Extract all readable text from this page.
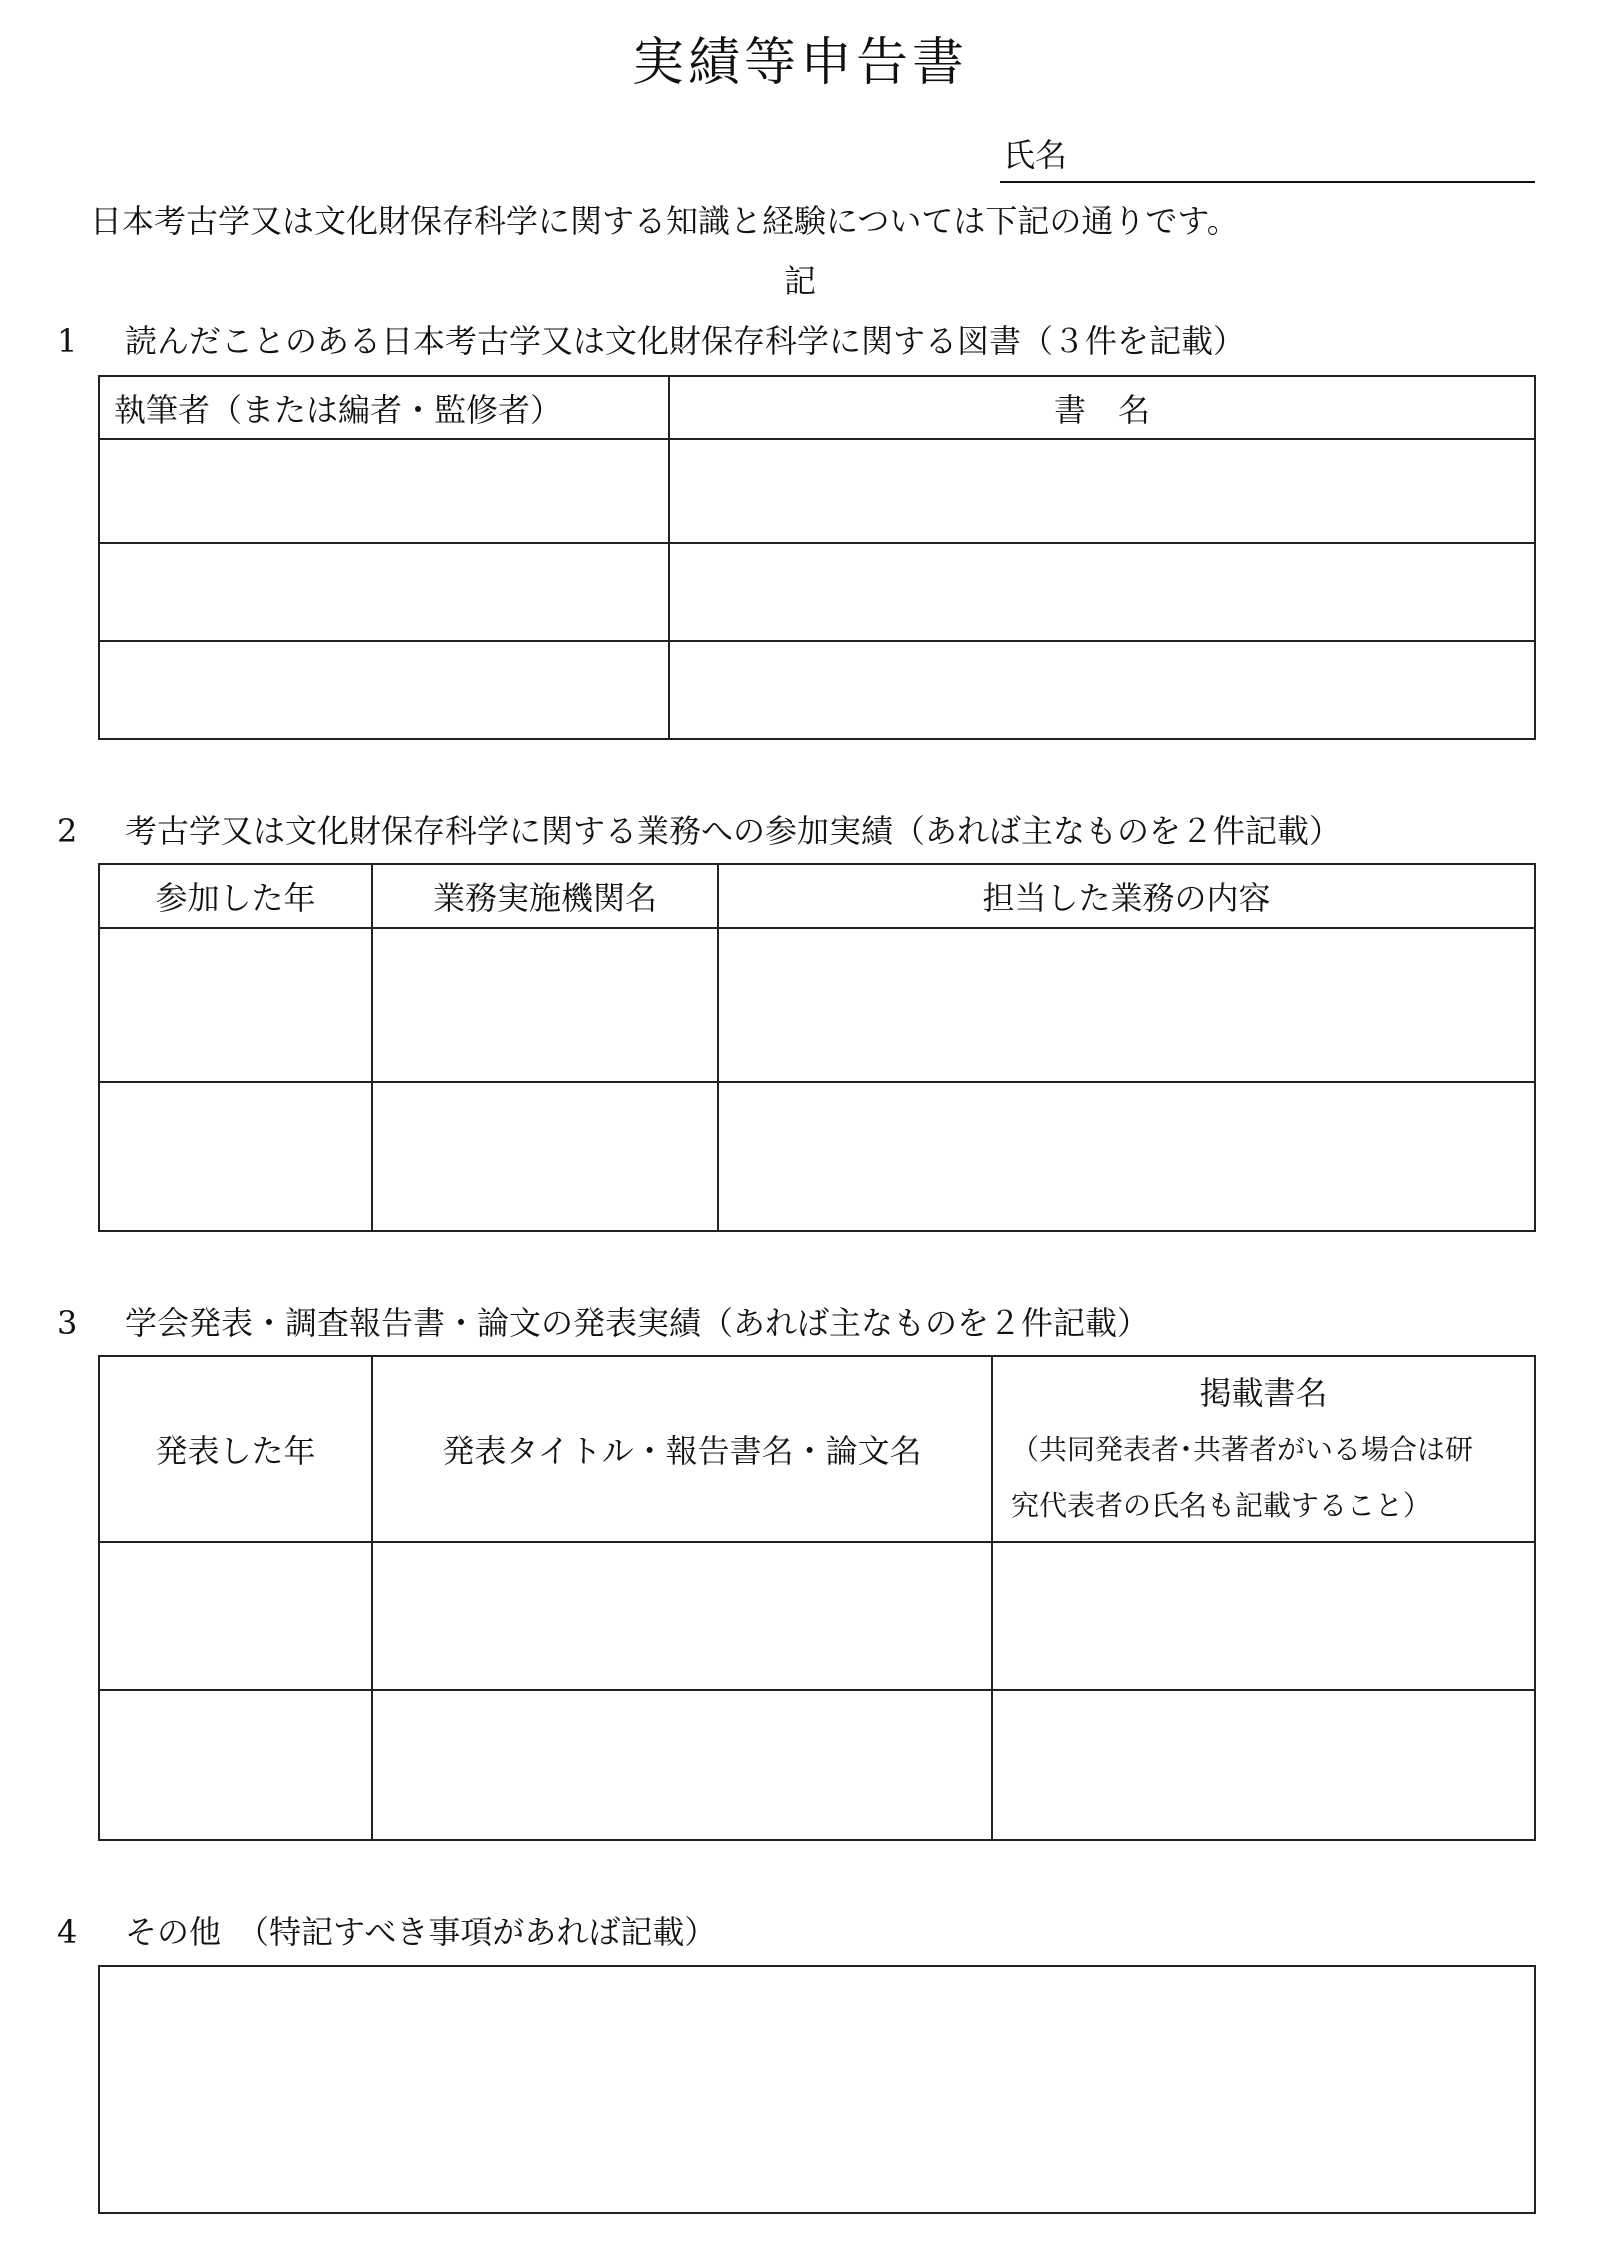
実績等申告書
氏名
日本考古学又は文化財保存科学に関する知識と経験については下記の通りです。
記
1 読んだことのある日本考古学又は文化財保存科学に関する図書（３件を記載）
執筆者（または編者・監修者）	書　名

2 考古学又は文化財保存科学に関する業務への参加実績（あれば主なものを２件記載）
参加した年	業務実施機関名	担当した業務の内容

3 学会発表・調査報告書・論文の発表実績（あれば主なものを２件記載）
発表した年	発表タイトル・報告書名・論文名	掲載書名
（共同発表者･共著者がいる場合は研
究代表者の氏名も記載すること）

4 その他　（特記すべき事項があれば記載）
